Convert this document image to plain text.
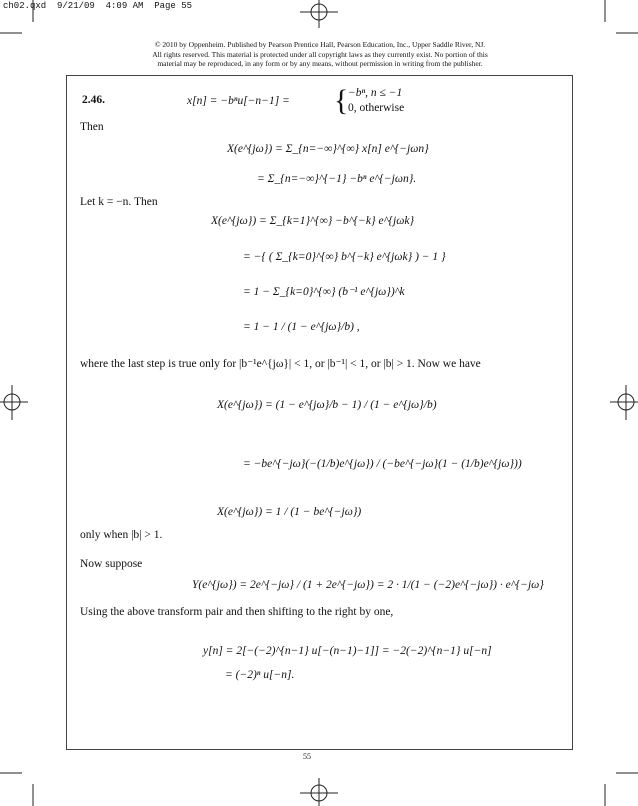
ch02.qxd  9/21/09  4:09 AM  Page 55
© 2010 by Oppenheim. Published by Pearson Prentice Hall, Pearson Education, Inc., Upper Saddle River, NJ.
All rights reserved. This material is protected under all copyright laws as they currently exist. No portion of this
material may be reproduced, in any form or by any means, without permission in writing from the publisher.
2.46.	x[n] = −bⁿu[−n−1] = { −bⁿ, n ≤ −1
0, otherwise
Then
X(e^{jω}) = Σ_{n=−∞}^{∞} x[n] e^{−jωn}
= Σ_{n=−∞}^{−1} −bⁿ e^{−jωn}.
Let k = −n. Then
X(e^{jω}) = Σ_{k=1}^{∞} −b^{−k} e^{jωk}
= −{ ( Σ_{k=0}^{∞} b^{−k} e^{jωk} ) − 1 }
= 1 − Σ_{k=0}^{∞} (b⁻¹ e^{jω})^k
= 1 − 1 / (1 − e^{jω}/b) ,
where the last step is true only for |b⁻¹e^{jω}| < 1, or |b⁻¹| < 1, or |b| > 1. Now we have
X(e^{jω}) = (1 − e^{jω}/b − 1) / (1 − e^{jω}/b)
= −be^{−jω}(−(1/b)e^{jω}) / (−be^{−jω}(1 − (1/b)e^{jω}))
X(e^{jω}) = 1 / (1 − be^{−jω})
only when |b| > 1.
Now suppose
Y(e^{jω}) = 2e^{−jω} / (1 + 2e^{−jω}) = 2 · 1/(1 − (−2)e^{−jω}) · e^{−jω}
Using the above transform pair and then shifting to the right by one,
y[n] = 2[−(−2)^{n−1} u[−(n−1)−1]] = −2(−2)^{n−1} u[−n]
= (−2)ⁿ u[−n].
55
